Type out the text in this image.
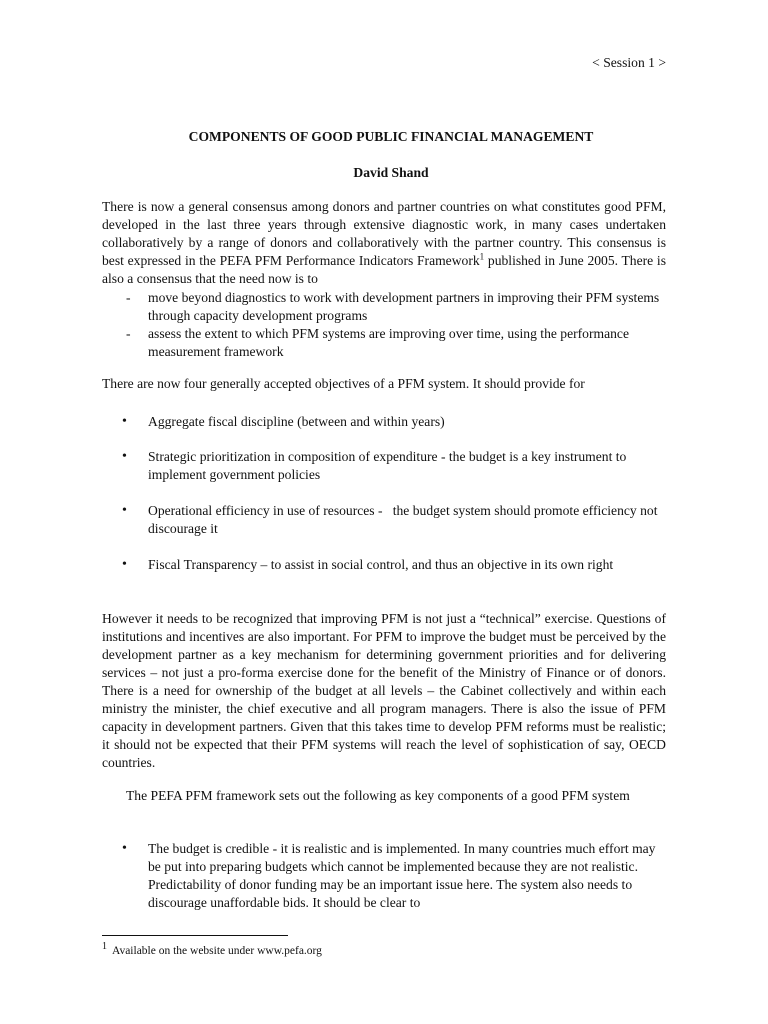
< Session 1 >
COMPONENTS OF GOOD PUBLIC FINANCIAL MANAGEMENT
David Shand
There is now a general consensus among donors and partner countries on what constitutes good PFM, developed in the last three years through extensive diagnostic work, in many cases undertaken collaboratively by a range of donors and collaboratively with the partner country. This consensus is best expressed in the PEFA PFM Performance Indicators Framework$^1$ published in June 2005. There is also a consensus that the need now is to
- move beyond diagnostics to work with development partners in improving their PFM systems through capacity development programs
- assess the extent to which PFM systems are improving over time, using the performance measurement framework
There are now four generally accepted objectives of a PFM system. It should provide for
• Aggregate fiscal discipline (between and within years)
• Strategic prioritization in composition of expenditure - the budget is a key instrument to implement government policies
• Operational efficiency in use of resources -   the budget system should promote efficiency not discourage it
• Fiscal Transparency – to assist in social control, and thus an objective in its own right
However it needs to be recognized that improving PFM is not just a “technical” exercise. Questions of institutions and incentives are also important. For PFM to improve the budget must be perceived by the development partner as a key mechanism for determining government priorities and for delivering services – not just a pro-forma exercise done for the benefit of the Ministry of Finance or of donors. There is a need for ownership of the budget at all levels – the Cabinet collectively and within each ministry the minister, the chief executive and all program managers. There is also the issue of PFM capacity in development partners. Given that this takes time to develop PFM reforms must be realistic; it should not be expected that their PFM systems will reach the level of sophistication of say, OECD countries.
The PEFA PFM framework sets out the following as key components of a good PFM system
• The budget is credible - it is realistic and is implemented. In many countries much effort may be put into preparing budgets which cannot be implemented because they are not realistic. Predictability of donor funding may be an important issue here. The system also needs to discourage unaffordable bids. It should be clear to
1 Available on the website under www.pefa.org
